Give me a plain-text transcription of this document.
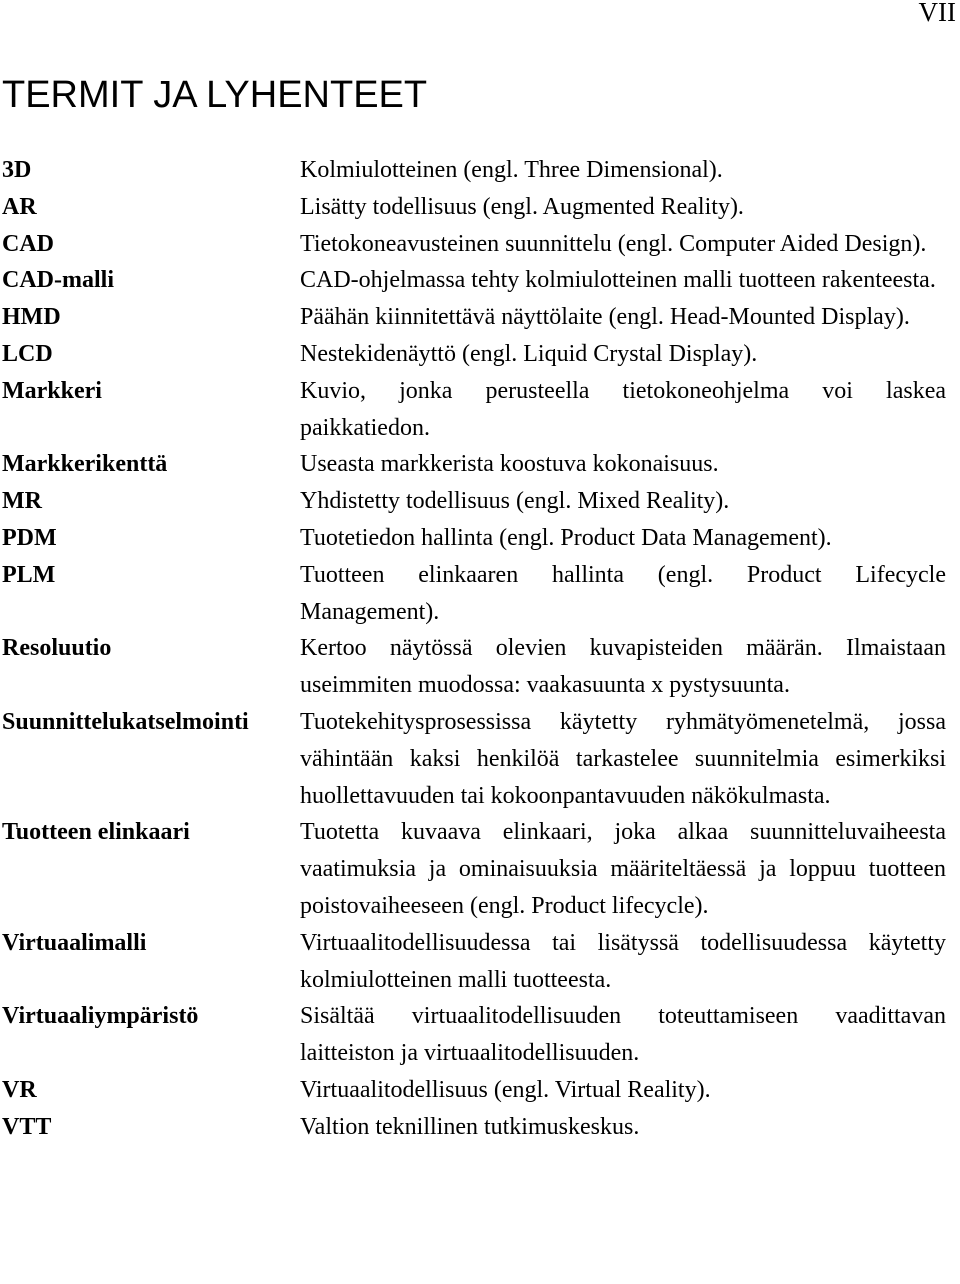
VII
TERMIT JA LYHENTEET
3D	Kolmiulotteinen (engl. Three Dimensional).
AR	Lisätty todellisuus (engl. Augmented Reality).
CAD	Tietokoneavusteinen suunnittelu (engl. Computer Aided Design).
CAD-malli	CAD-ohjelmassa tehty kolmiulotteinen malli tuotteen rakenteesta.
HMD	Päähän kiinnitettävä näyttölaite (engl. Head-Mounted Display).
LCD	Nestekidenäyttö (engl. Liquid Crystal Display).
Markkeri	Kuvio, jonka perusteella tietokoneohjelma voi laskea paikkatiedon.
Markkerikenttä	Useasta markkerista koostuva kokonaisuus.
MR	Yhdistetty todellisuus (engl. Mixed Reality).
PDM	Tuotetiedon hallinta (engl. Product Data Management).
PLM	Tuotteen elinkaaren hallinta (engl. Product Lifecycle Management).
Resoluutio	Kertoo näytössä olevien kuvapisteiden määrän. Ilmaistaan useimmiten muodossa: vaakasuunta x pystysuunta.
Suunnittelukatselmointi	Tuotekehitysprosessissa käytetty ryhmätyömenetelmä, jossa vähintään kaksi henkilöä tarkastelee suunnitelmia esimerkiksi huollettavuuden tai kokoonpantavuuden näkökulmasta.
Tuotteen elinkaari	Tuotetta kuvaava elinkaari, joka alkaa suunnitteluvaiheesta vaatimuksia ja ominaisuuksia määriteltäessä ja loppuu tuotteen poistovaiheeseen (engl. Product lifecycle).
Virtuaalimalli	Virtuaalitodellisuudessa tai lisätyssä todellisuudessa käytetty kolmiulotteinen malli tuotteesta.
Virtuaaliympäristö	Sisältää virtuaalitodellisuuden toteuttamiseen vaadittavan laitteiston ja virtuaalitodellisuuden.
VR	Virtuaalitodellisuus (engl. Virtual Reality).
VTT	Valtion teknillinen tutkimuskeskus.
